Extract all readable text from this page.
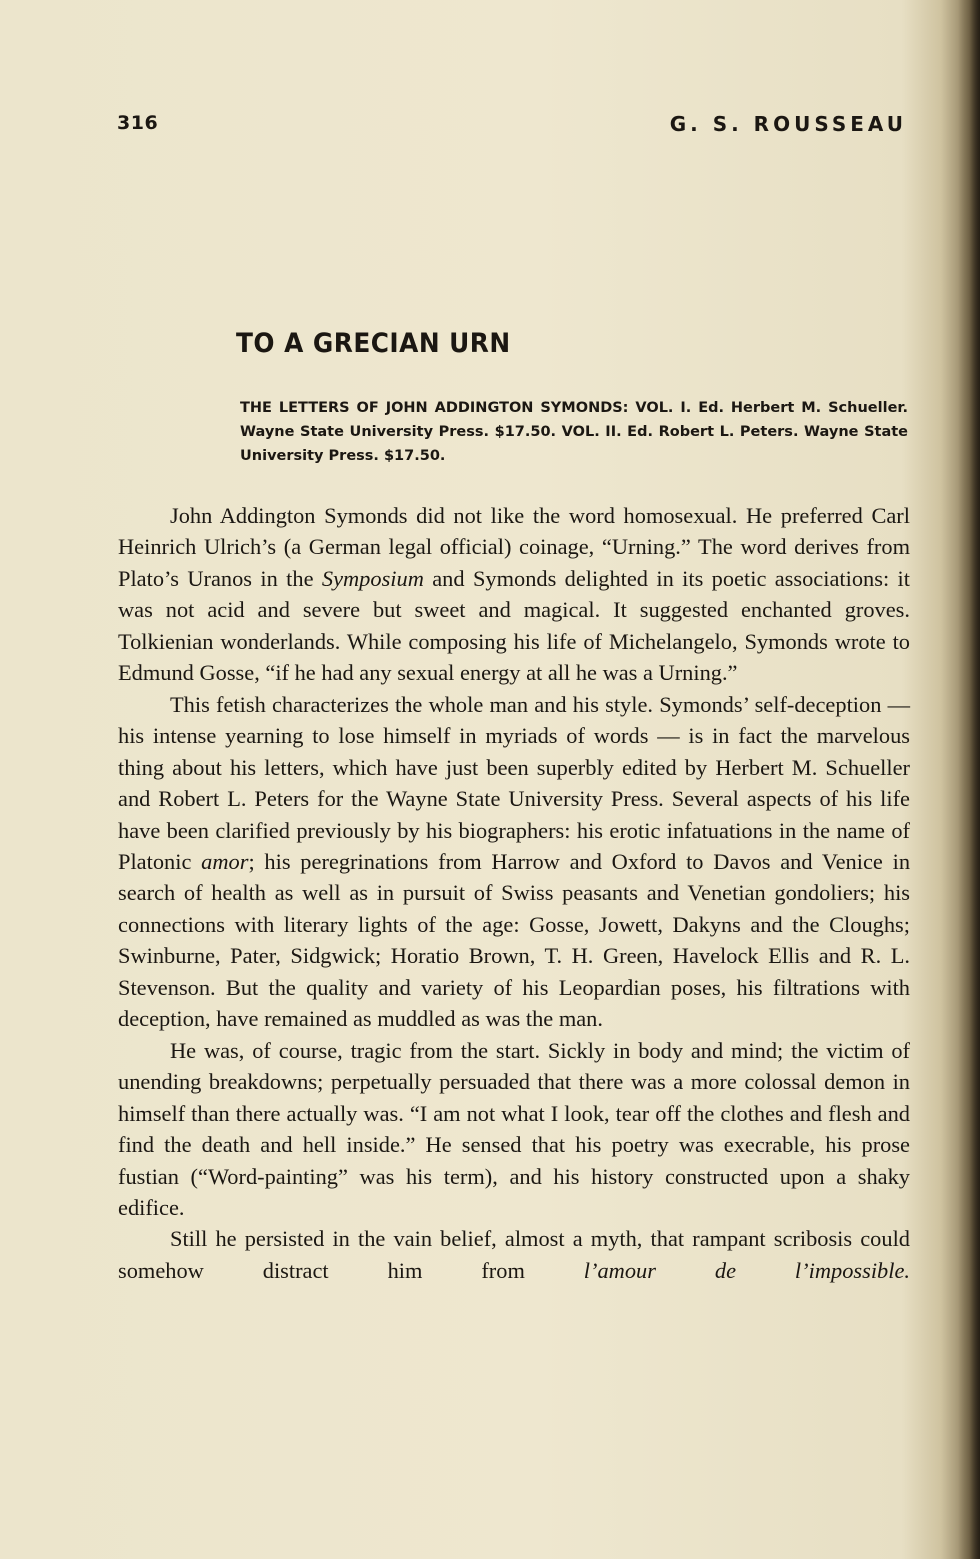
316	G. S. ROUSSEAU
TO A GRECIAN URN
THE LETTERS OF JOHN ADDINGTON SYMONDS: VOL. I. Ed. Herbert M. Schueller. Wayne State University Press. $17.50. VOL. II. Ed. Robert L. Peters. Wayne State University Press. $17.50.

John Addington Symonds did not like the word homosexual. He preferred Carl Heinrich Ulrich’s (a German legal official) coinage, “Urning.” The word derives from Plato’s Uranos in the Symposium and Symonds delighted in its poetic associations: it was not acid and severe but sweet and magical. It suggested enchanted groves. Tolkienian wonderlands. While composing his life of Michelangelo, Symonds wrote to Edmund Gosse, “if he had any sexual energy at all he was a Urning.”

This fetish characterizes the whole man and his style. Symonds’ self-deception — his intense yearning to lose himself in myriads of words — is in fact the marvelous thing about his letters, which have just been superbly edited by Herbert M. Schueller and Robert L. Peters for the Wayne State University Press. Several aspects of his life have been clarified previously by his biographers: his erotic infatuations in the name of Platonic amor; his peregrinations from Harrow and Oxford to Davos and Venice in search of health as well as in pursuit of Swiss peasants and Venetian gondoliers; his connections with literary lights of the age: Gosse, Jowett, Dakyns and the Cloughs; Swinburne, Pater, Sidgwick; Horatio Brown, T. H. Green, Havelock Ellis and R. L. Stevenson. But the quality and variety of his Leopardian poses, his filtrations with deception, have remained as muddled as was the man.

He was, of course, tragic from the start. Sickly in body and mind; the victim of unending breakdowns; perpetually persuaded that there was a more colossal demon in himself than there actually was. “I am not what I look, tear off the clothes and flesh and find the death and hell inside.” He sensed that his poetry was execrable, his prose fustian (“Word-painting” was his term), and his history constructed upon a shaky edifice.

Still he persisted in the vain belief, almost a myth, that rampant scribosis could somehow distract him from l’amour de l’impossible.
